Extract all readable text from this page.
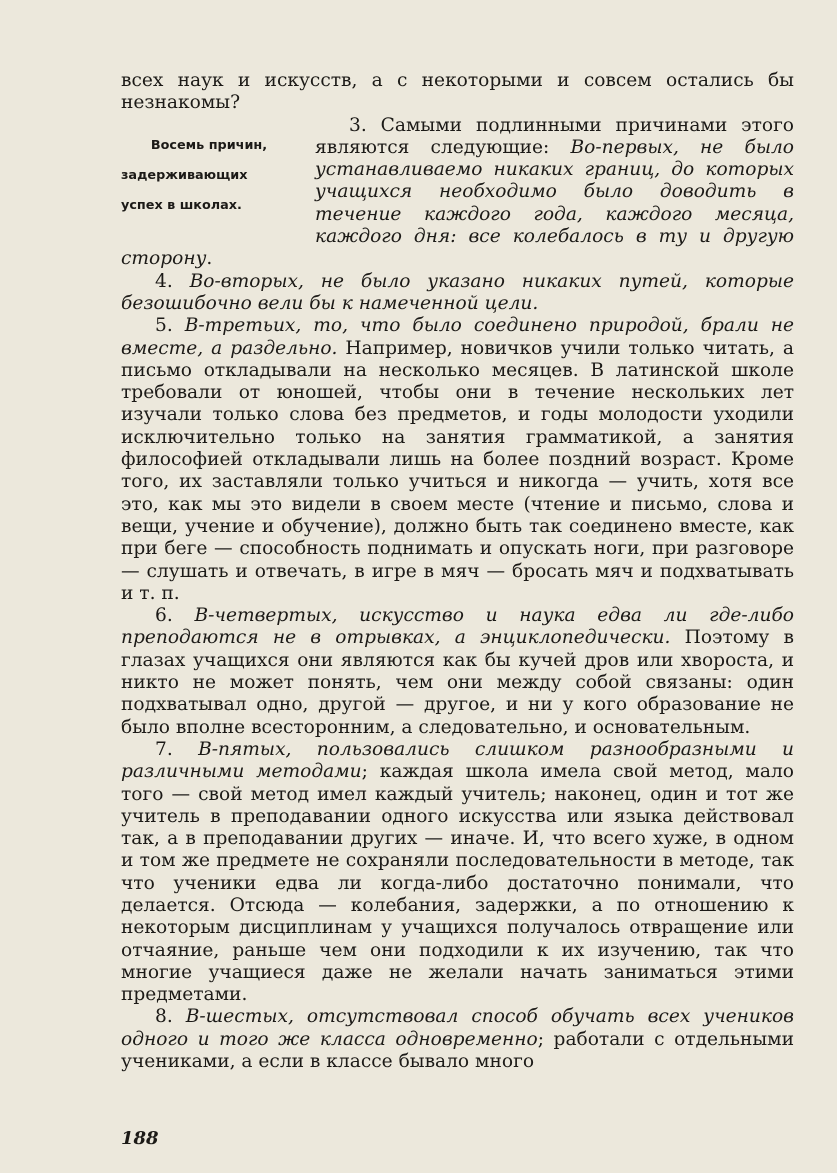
всех наук и искусств, а с некоторыми и совсем остались бы незнакомы?

Восемь причин,

задерживающих

успех в школах.

3. Самыми подлинными причинами этого являются следующие: Во-первых, не было устанавливаемо никаких границ, до которых учащихся необходимо было доводить в течение каждого года, каждого месяца, каждого дня: все колебалось в ту и другую сторону.

4. Во-вторых, не было указано никаких путей, которые безошибочно вели бы к намеченной цели.

5. В-третьих, то, что было соединено природой, брали не вместе, а раздельно. Например, новичков учили только читать, а письмо откладывали на несколько месяцев. В латинской школе требовали от юношей, чтобы они в течение нескольких лет изучали только слова без предметов, и годы молодости уходили исключительно только на занятия грамматикой, а занятия философией откладывали лишь на более поздний возраст. Кроме того, их заставляли только учиться и никогда — учить, хотя все это, как мы это видели в своем месте (чтение и письмо, слова и вещи, учение и обучение), должно быть так соединено вместе, как при беге — способность поднимать и опускать ноги, при разговоре — слушать и отвечать, в игре в мяч — бросать мяч и подхватывать и т. п.

6. В-четвертых, искусство и наука едва ли где-либо преподаются не в отрывках, а энциклопедически. Поэтому в глазах учащихся они являются как бы кучей дров или хвороста, и никто не может понять, чем они между собой связаны: один подхватывал одно, другой — другое, и ни у кого образование не было вполне всесторонним, а следовательно, и основательным.

7. В-пятых, пользовались слишком разнообразными и различными методами; каждая школа имела свой метод, мало того — свой метод имел каждый учитель; наконец, один и тот же учитель в преподавании одного искусства или языка действовал так, а в преподавании других — иначе. И, что всего хуже, в одном и том же предмете не сохраняли последовательности в методе, так что ученики едва ли когда-либо достаточно понимали, что делается. Отсюда — колебания, задержки, а по отношению к некоторым дисциплинам у учащихся получалось отвращение или отчаяние, раньше чем они подходили к их изучению, так что многие учащиеся даже не желали начать заниматься этими предметами.

8. В-шестых, отсутствовал способ обучать всех учеников одного и того же класса одновременно; работали с отдельными учениками, а если в классе бывало много

188
